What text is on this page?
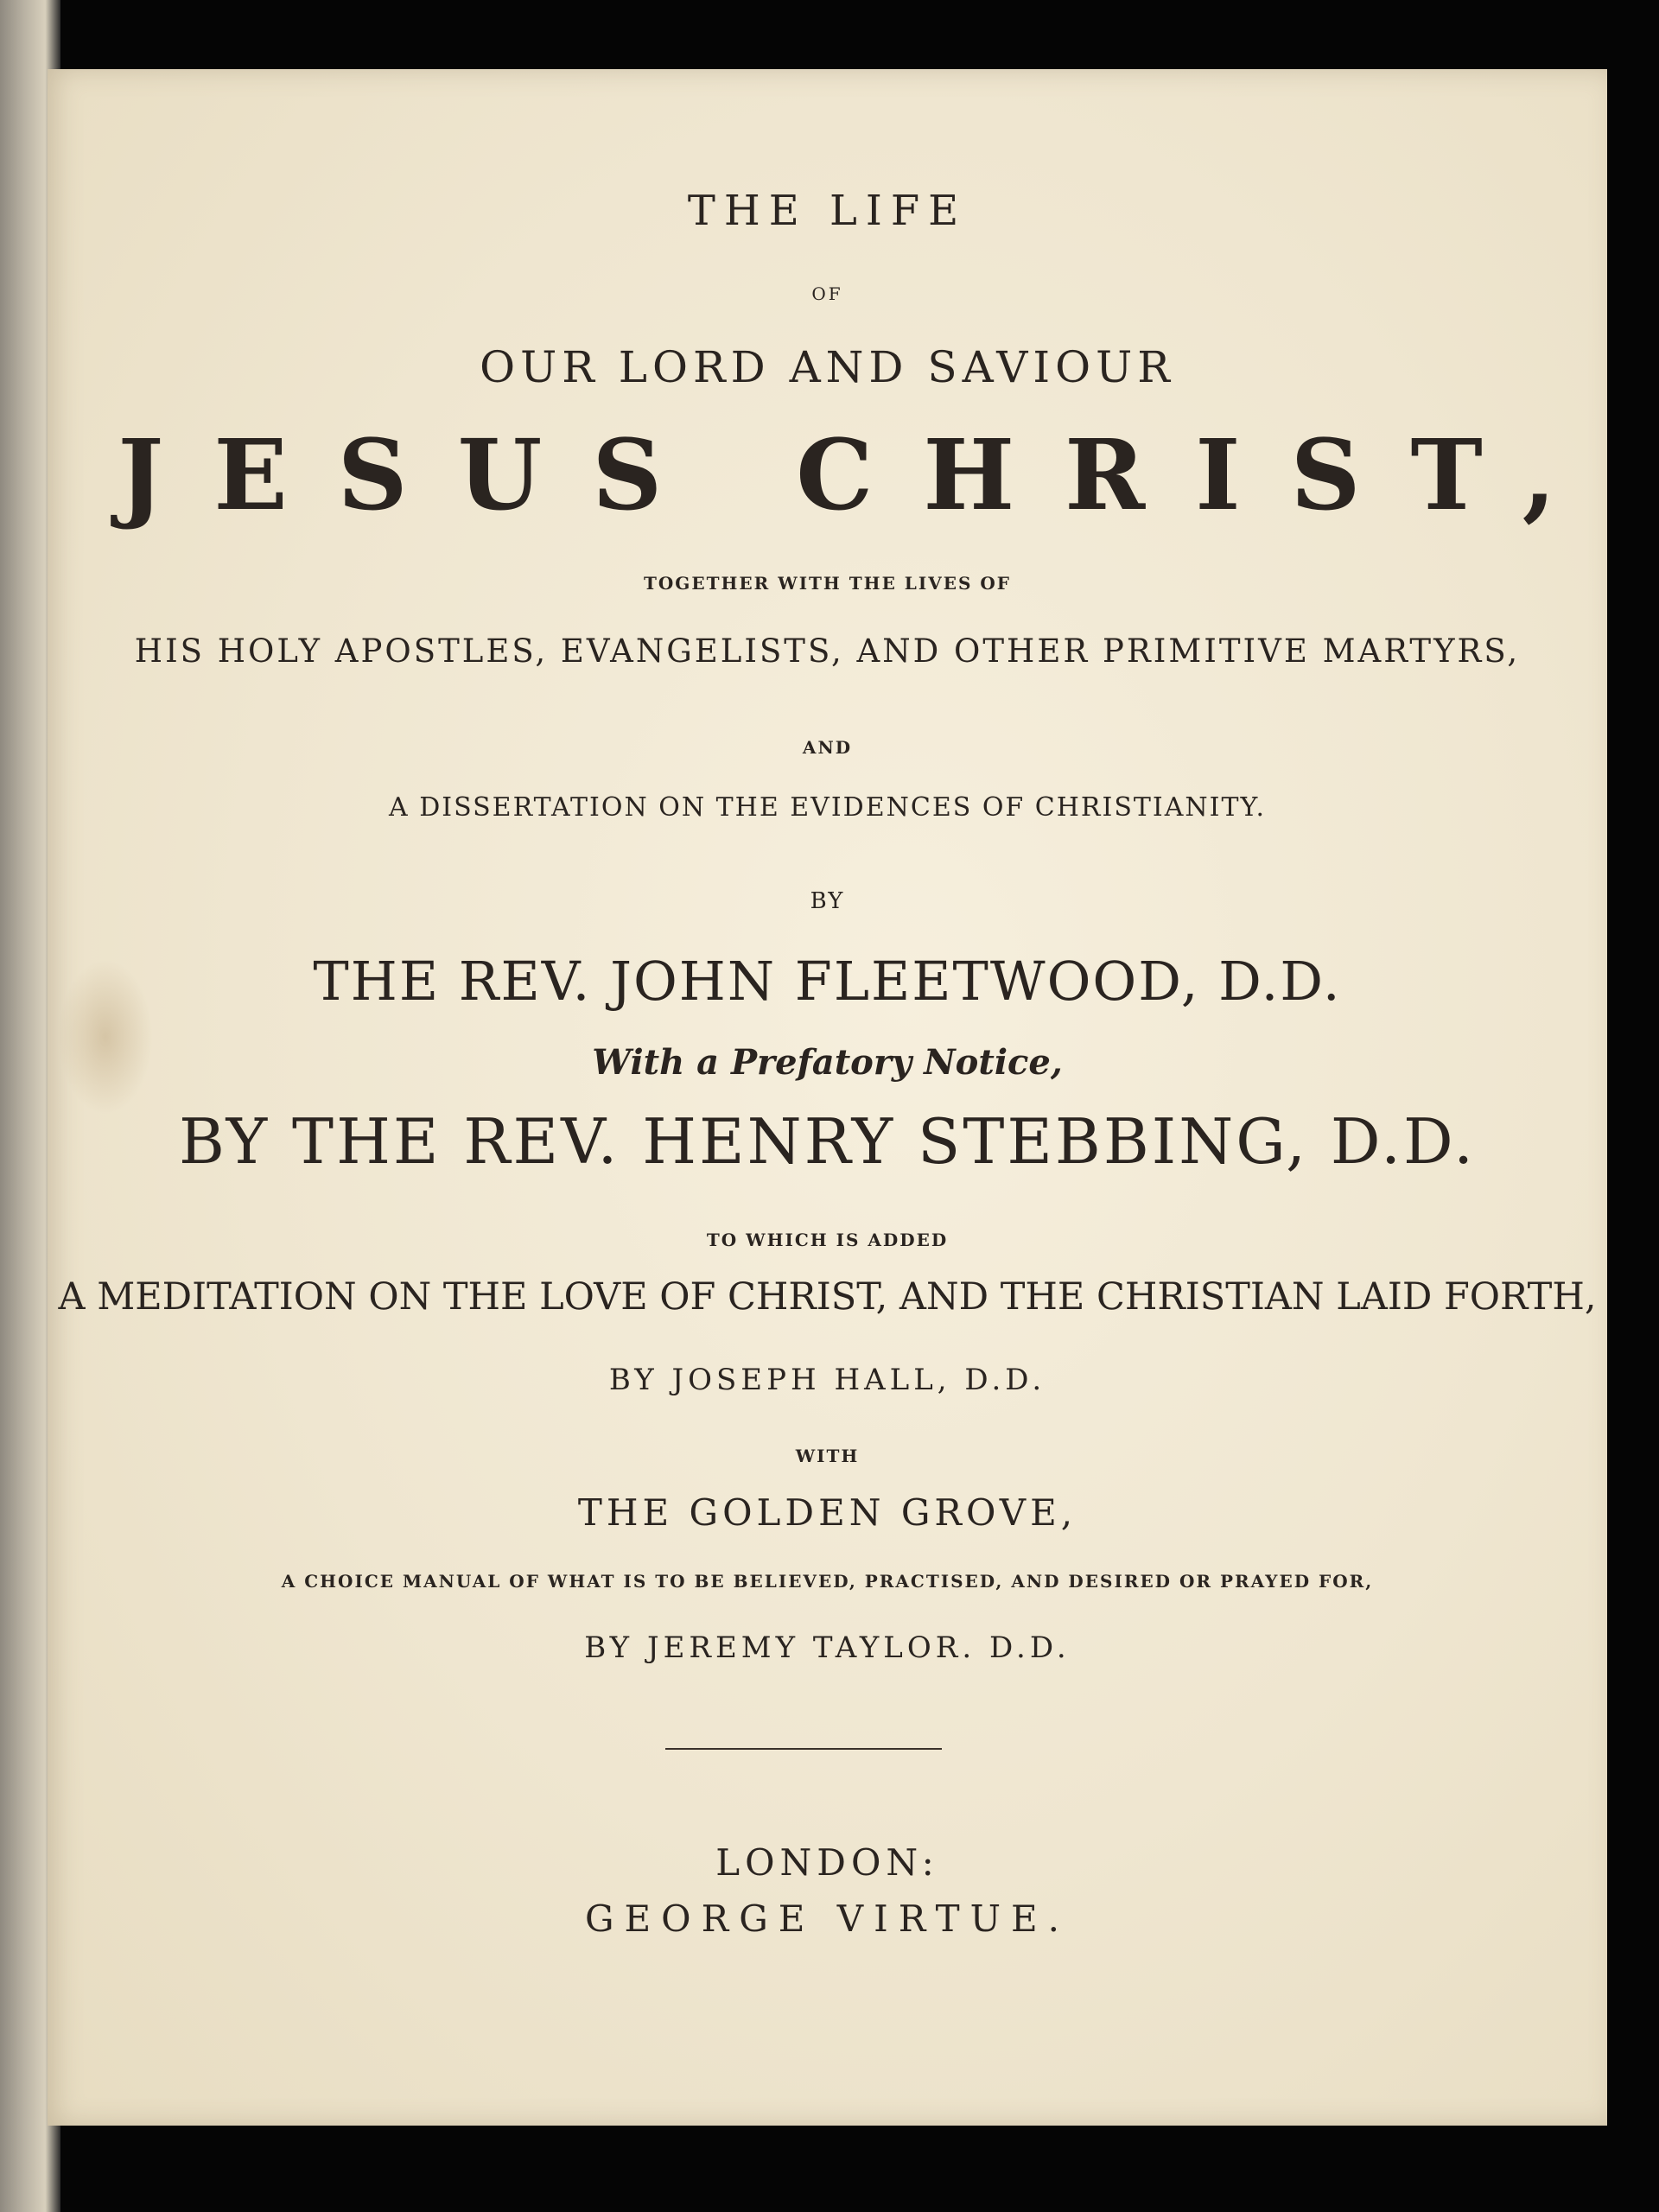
THE LIFE
OF
OUR LORD AND SAVIOUR
JESUS CHRIST,
TOGETHER WITH THE LIVES OF
HIS HOLY APOSTLES, EVANGELISTS, AND OTHER PRIMITIVE MARTYRS,
AND
A DISSERTATION ON THE EVIDENCES OF CHRISTIANITY.
BY
THE REV. JOHN FLEETWOOD, D.D.
With a Prefatory Notice,
BY THE REV. HENRY STEBBING, D.D.
TO WHICH IS ADDED
A MEDITATION ON THE LOVE OF CHRIST, AND THE CHRISTIAN LAID FORTH,
BY JOSEPH HALL, D.D.
WITH
THE GOLDEN GROVE,
A CHOICE MANUAL OF WHAT IS TO BE BELIEVED, PRACTISED, AND DESIRED OR PRAYED FOR,
BY JEREMY TAYLOR. D.D.
LONDON:
GEORGE VIRTUE.
